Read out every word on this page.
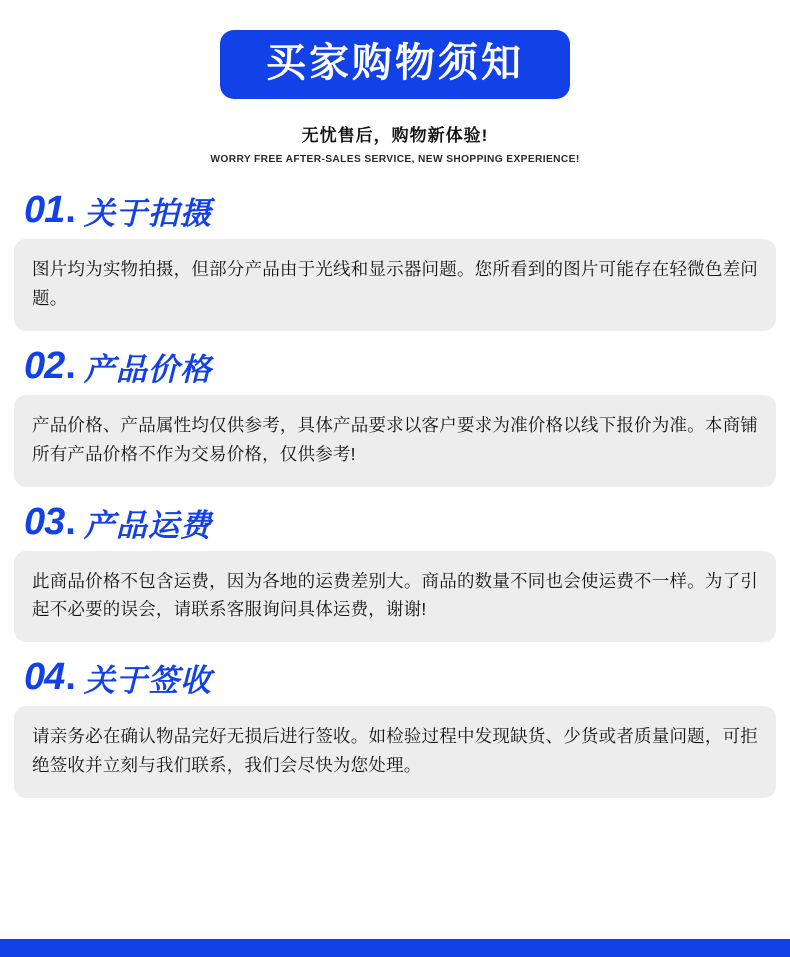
买家购物须知
无忧售后，购物新体验!
WORRY FREE AFTER-SALES SERVICE, NEW SHOPPING EXPERIENCE!
01 . 关于拍摄
图片均为实物拍摄，但部分产品由于光线和显示器问题。您所看到的图片可能存在轻微色差问题。
02 . 产品价格
产品价格、产品属性均仅供参考，具体产品要求以客户要求为准价格以线下报价为准。本商铺所有产品价格不作为交易价格，仅供参考!
03 . 产品运费
此商品价格不包含运费，因为各地的运费差别大。商品的数量不同也会使运费不一样。为了引起不必要的误会，请联系客服询问具体运费，谢谢!
04 . 关于签收
请亲务必在确认物品完好无损后进行签收。如检验过程中发现缺货、少货或者质量问题，可拒绝签收并立刻与我们联系，我们会尽快为您处理。
